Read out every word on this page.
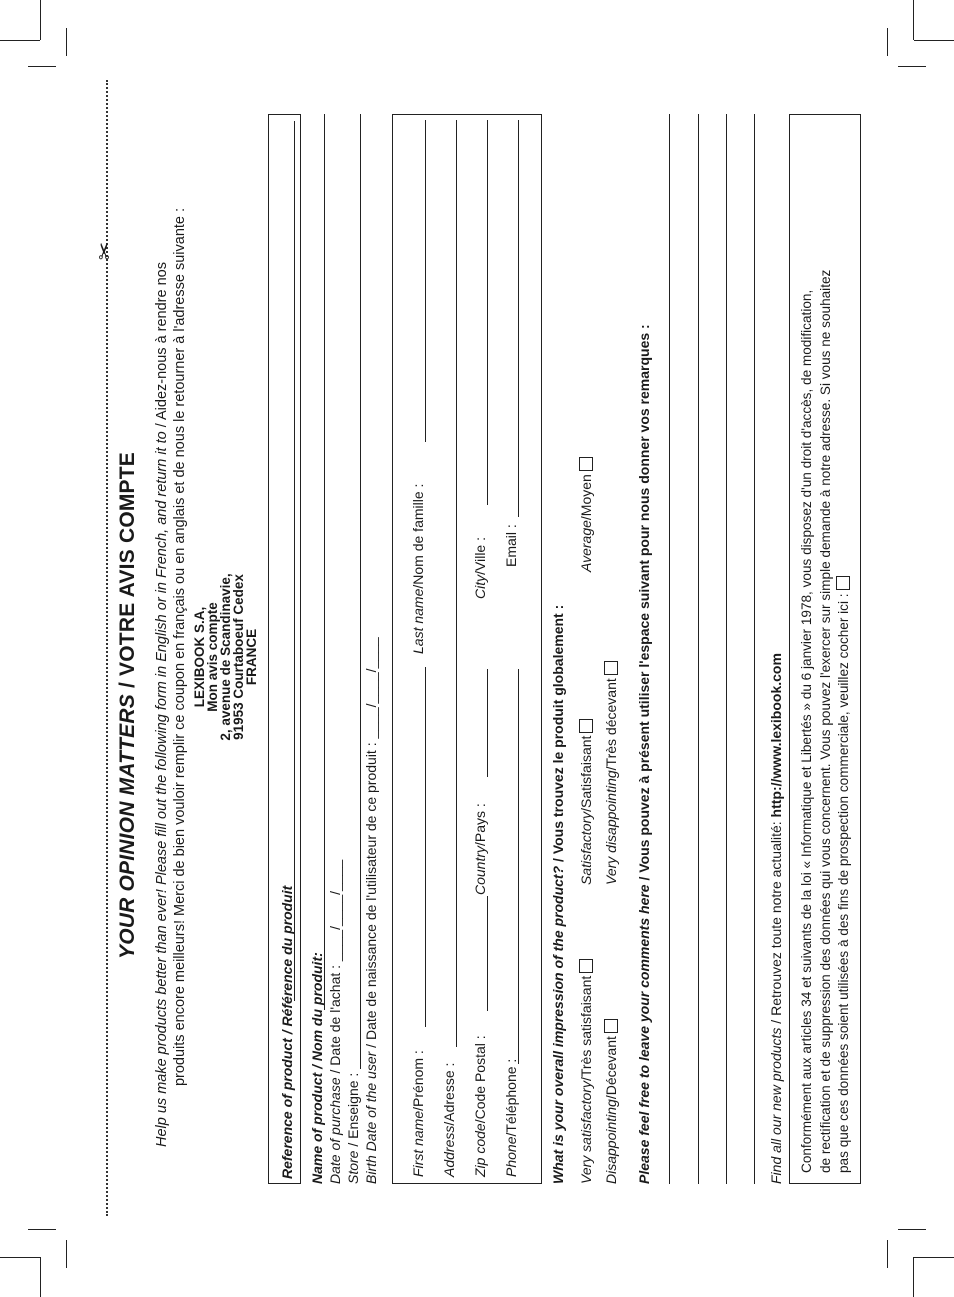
✂
YOUR OPINION MATTERS / VOTRE AVIS COMPTE Help us make products better than ever! Please fill out the following form in English or in French, and return it to / Aidez-nous à rendre nos produits encore meilleurs! Merci de bien vouloir remplir ce coupon en français ou en anglais et de nous le retourner à l'adresse suivante : LEXIBOOK S.A,
Mon avis compte
2, avenue de Scandinavie,
91953 Courtaboeuf Cedex
FRANCE
Reference of product / Référence du produit
Name of product / Nom du produit:
Date of purchase / Date de l'achat : ____/____/____
Store / Enseigne : Birth Date of the user / Date de naissance de l'utilisateur de ce produit : ____/____/____
First name/Prénom :
Last name/Nom de famille :
Address/Adresse :
Zip code/Code Postal :
Country/Pays :
City/Ville :
Phone/Téléphone :
Email :
What is your overall impression of the product? / Vous trouvez le produit globalement :
Very satisfactory/Très satisfaisant
Satisfactory/Satisfaisant
Average/Moyen
Disappointing/Décevant
Very disappointing/Très décevant
Please feel free to leave your comments here / Vous pouvez à présent utiliser l'espace suivant pour nous donner vos remarques :
Find all our new products / Retrouvez toute notre actualité: http://www.lexibook.com Conformément aux articles 34 et suivants de la loi « Informatique et Libertés » du 6 janvier 1978, vous disposez d'un droit d'accès, de modification, de rectification et de suppression des données qui vous concernent. Vous pouvez l'exercer sur simple demande à notre adresse. Si vous ne souhaitez pas que ces données soient utilisées à des fins de prospection commerciale, veuillez cocher ici :
